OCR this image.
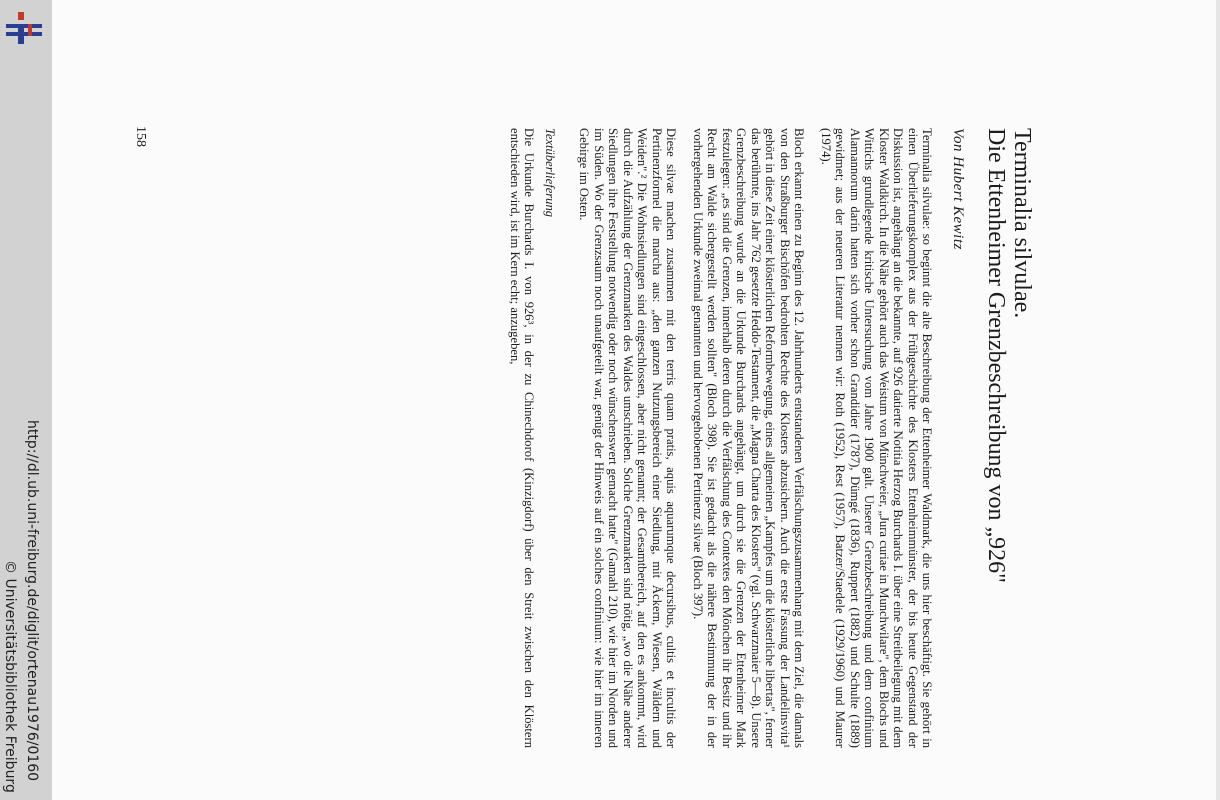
http://dl.ub.uni-freiburg.de/diglit/ortenau1976/0160
© Universitätsbibliothek Freiburg
Terminalia silvulae.
Die Ettenheimer Grenzbeschreibung von „926"
Von Hubert Kewitz

Terminalia silvulae: so beginnt die alte Beschreibung der Ettenheimer Waldmark, die uns hier beschäftigt. Sie gehört in einen Überlieferungskomplex aus der Frühgeschichte des Klosters Ettenheimmünster, der bis heute Gegenstand der Diskussion ist, angehängt an die bekannte, auf 926 datierte Notitia Herzog Burchards I. über eine Streitbeilegung mit dem Kloster Waldkirch. In die Nähe gehört auch das Weistum von Münchweier, „Jura curiae in Munchwilare", dem Blochs und Wittichs grundlegende kritische Untersuchung vom Jahre 1900 galt. Unserer Grenzbeschreibung und dem confinium Alamannorum darin hatten sich vorher schon Grandidier (1787), Dümgé (1836), Ruppert (1882) und Schulte (1889) gewidmet; aus der neueren Literatur nennen wir: Roth (1952), Rest (1957), Batzer/Staedele (1929/1960) und Maurer (1974).

Bloch erkannt einen zu Beginn des 12. Jahrhunderts entstandenen Verfälschungszusammenhang mit dem Ziel, die damals von den Straßburger Bischöfen bedrohten Rechte des Klosters abzusichern. Auch die erste Fassung der Landelinsvita¹ gehört in diese Zeit einer klösterlichen Reformbewegung, eines allgemeinen „Kampfes um die klösterliche libertas", ferner das berühmte, ins Jahr 762 gesetzte Heddo-Testament, die „Magna Charta des Klosters" (vgl. Schwarzmaier 5—8). Unsere Grenzbeschreibung wurde an die Urkunde Burchards angehängt, um durch sie die Grenzen der Ettenheimer Mark festzulegen: „es sind die Grenzen, innerhalb deren durch die Verfälschung des Contextes den Mönchen ihr Besitz und ihr Recht am Walde sichergestellt werden sollten" (Bloch 398). Sie ist gedacht als die nähere Bestimmung der in der vorhergehenden Urkunde zweimal genannten und hervorgehobenen Pertinenz silvae (Bloch 397).

Diese silvae machen zusammen mit den terris quam pratis, aquis aquarumque decursibus, cultis et incultis der Pertinenzformel die marcha aus: „den ganzen Nutzungsbereich einer Siedlung, mit Äckern, Wiesen, Wäldern und Weiden".² Die Wohnsiedlungen sind eingeschlossen, aber nicht genannt; der Gesamtbereich, auf den es ankommt, wird durch die Aufzählung der Grenzmarken des Waldes umschrieben. Solche Grenzmarken sind nötig, „wo die Nähe anderer Siedlungen ihre Feststellung notwendig oder noch wünschenswert gemacht hatte" (Gamahl 210), wie hier im Norden und im Süden. Wo der Grenzsaum noch unaufgeteilt war, genügt der Hinweis auf ein solches confinium: wie hier im inneren Gebirge im Osten.

Textüberlieferung

Die Urkunde Burchards I. von 926³, in der zu Chinechdorof (Kinzigdorf) über den Streit zwischen den Klöstern entschieden wird, ist im Kern echt; anzugeben,

158
